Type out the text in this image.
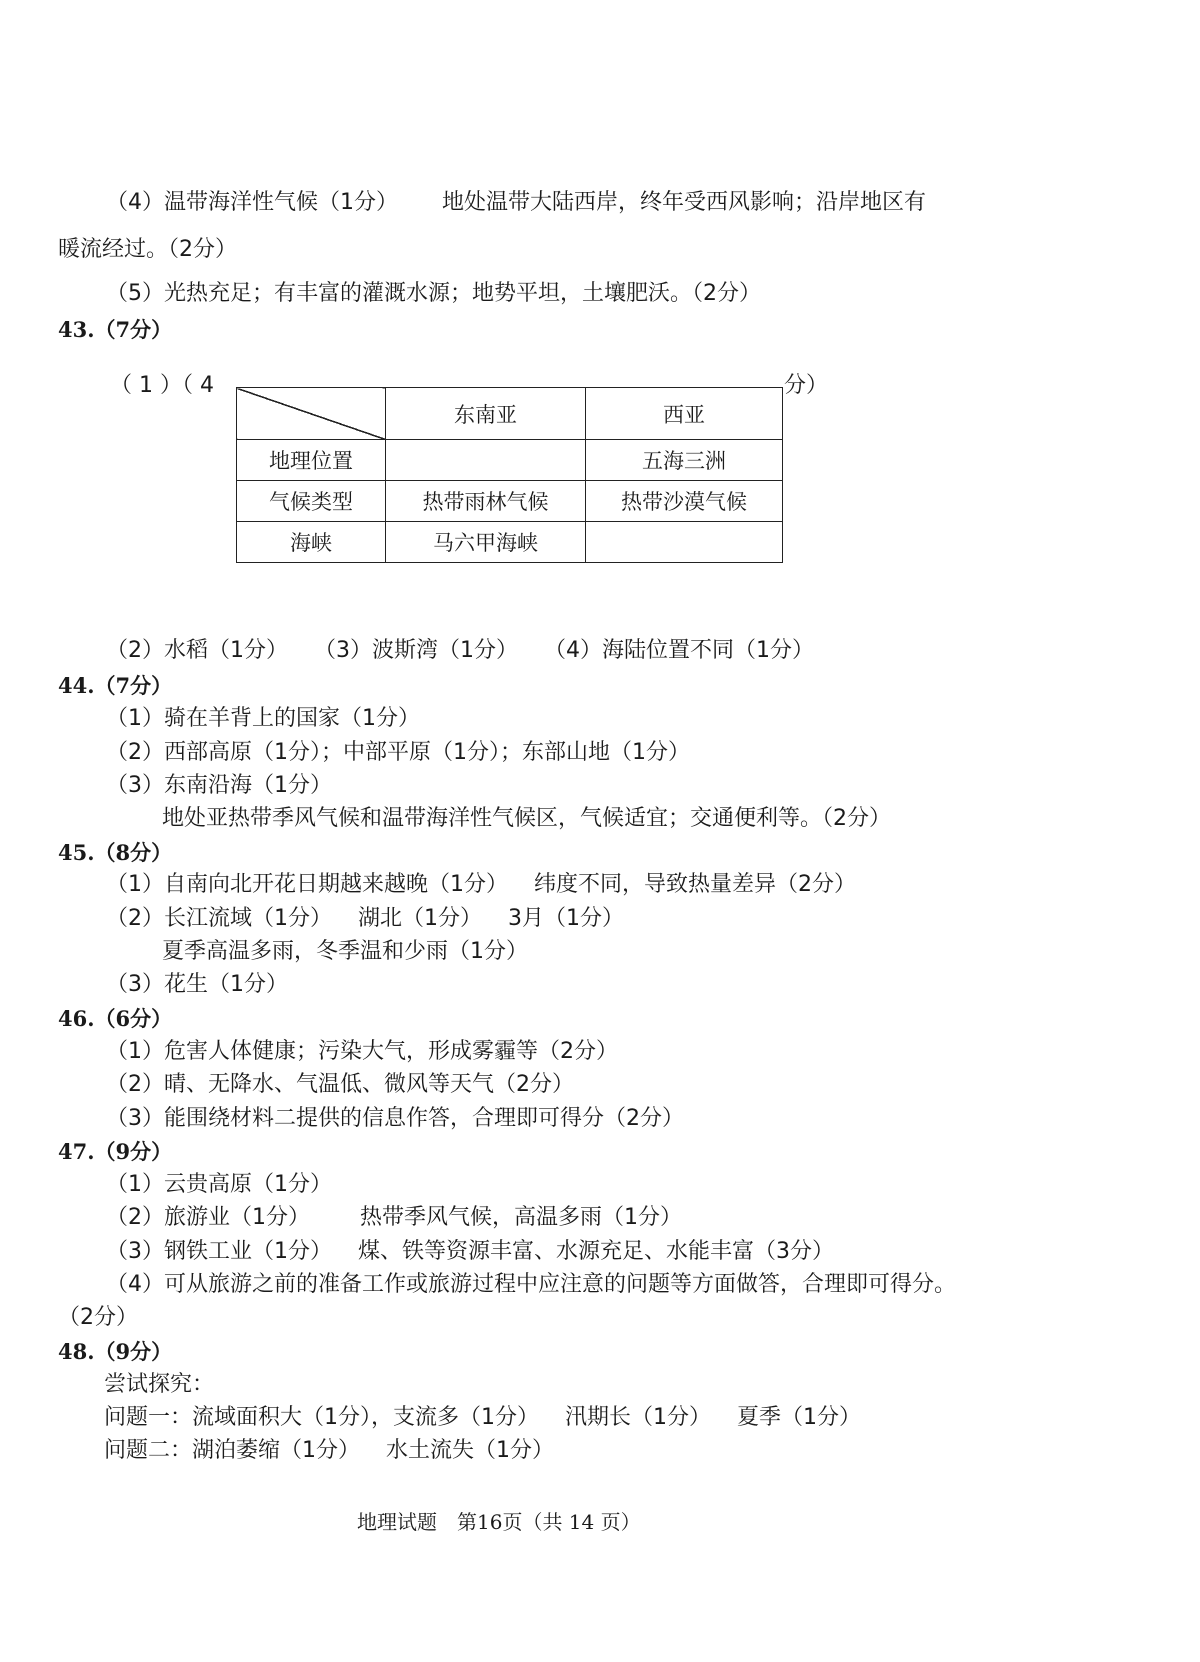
（4）温带海洋性气候（1分） 地处温带大陆西岸，终年受西风影响；沿岸地区有
暖流经过。（2分）
（5）光热充足；有丰富的灌溉水源；地势平坦，土壤肥沃。（2分）
43.（7分）
（ 1 ）（ 4	分）
	东南亚	西亚
地理位置		五海三洲
气候类型	热带雨林气候	热带沙漠气候
海峡	马六甲海峡	
（2）水稻（1分） （3）波斯湾（1分） （4）海陆位置不同（1分）
44.（7分）
（1）骑在羊背上的国家（1分）
（2）西部高原（1分）；中部平原（1分）；东部山地（1分）
（3）东南沿海（1分）
地处亚热带季风气候和温带海洋性气候区，气候适宜；交通便利等。（2分）
45.（8分）
（1）自南向北开花日期越来越晚（1分） 纬度不同，导致热量差异（2分）
（2）长江流域（1分） 湖北（1分） 3月（1分）
夏季高温多雨，冬季温和少雨（1分）
（3）花生（1分）
46.（6分）
（1）危害人体健康；污染大气，形成雾霾等（2分）
（2）晴、无降水、气温低、微风等天气（2分）
（3）能围绕材料二提供的信息作答，合理即可得分（2分）
47.（9分）
（1）云贵高原（1分）
（2）旅游业（1分） 热带季风气候，高温多雨（1分）
（3）钢铁工业（1分） 煤、铁等资源丰富、水源充足、水能丰富（3分）
（4）可从旅游之前的准备工作或旅游过程中应注意的问题等方面做答，合理即可得分。
（2分）
48.（9分）
尝试探究：
问题一：流域面积大（1分），支流多（1分） 汛期长（1分） 夏季（1分）
问题二：湖泊萎缩（1分） 水土流失（1分）
地理试题　第16页（共 14 页）
